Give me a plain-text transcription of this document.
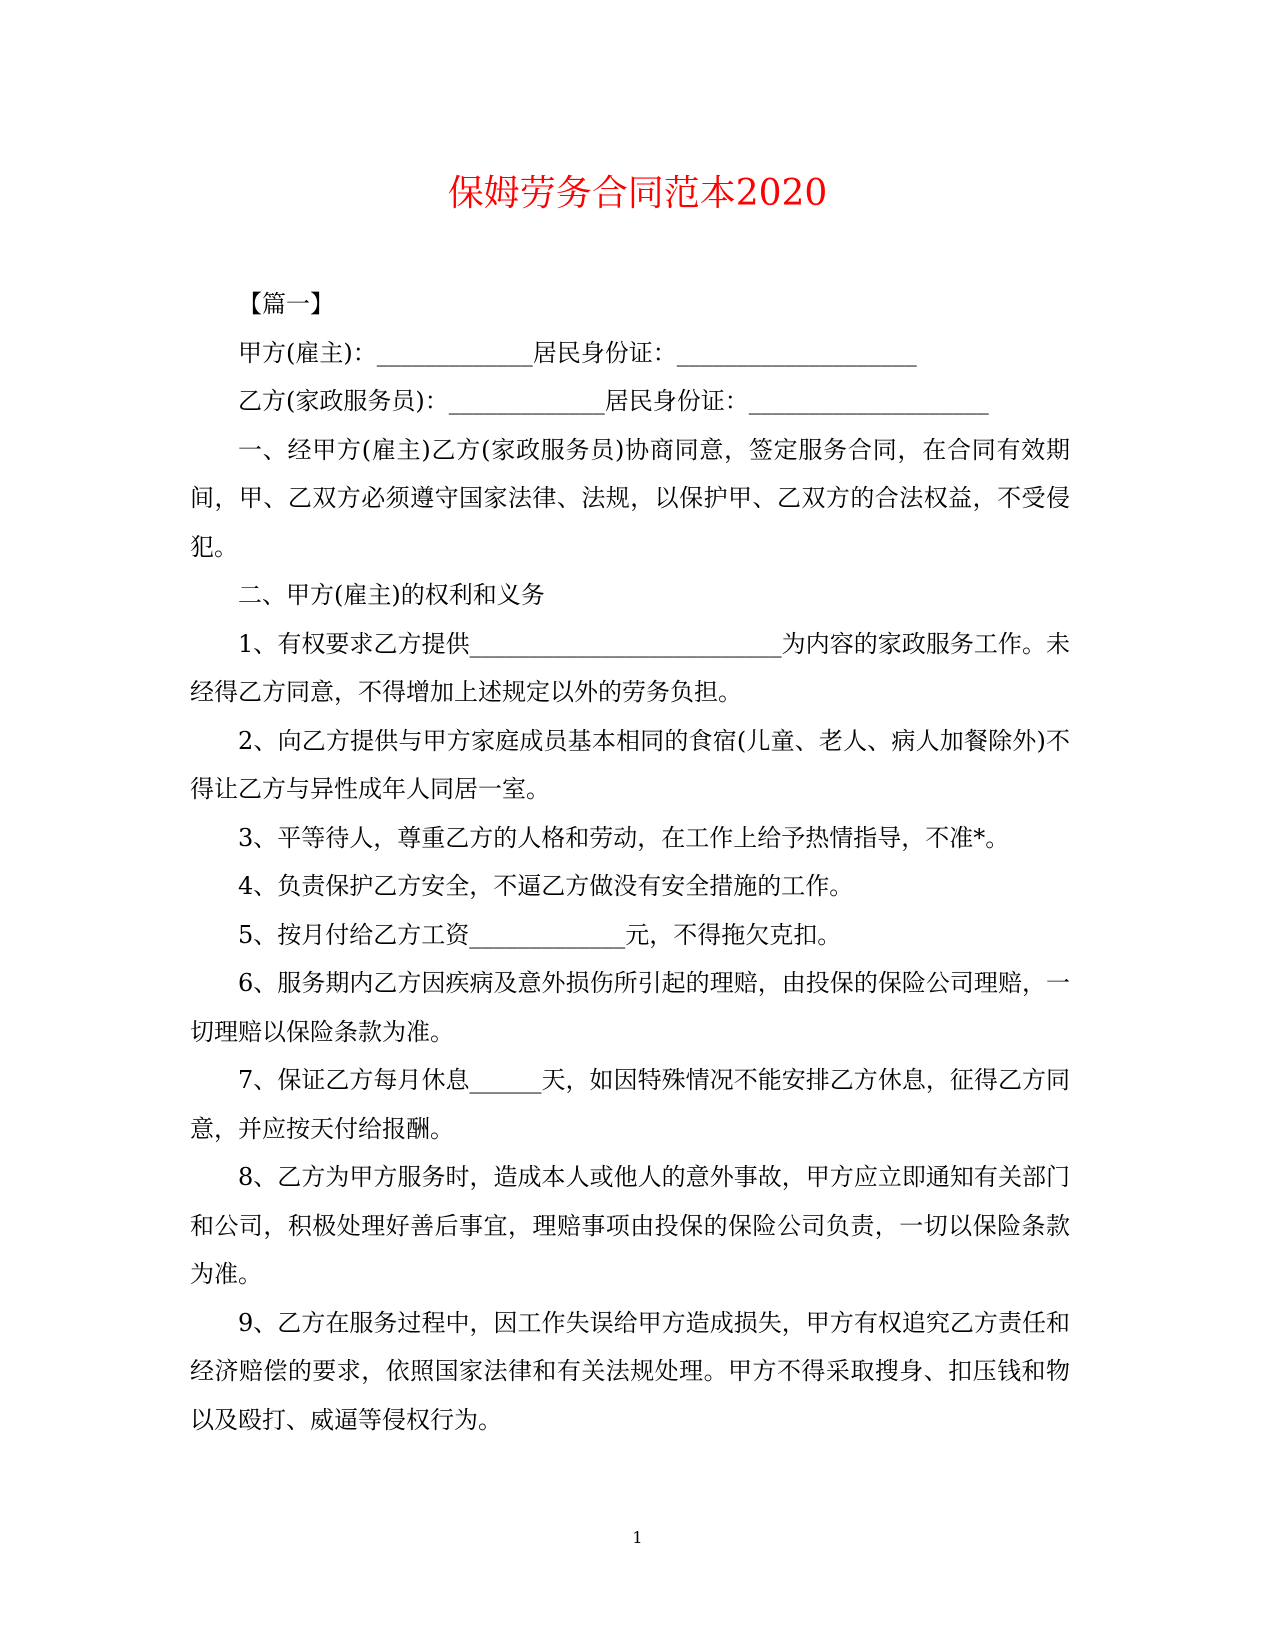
保姆劳务合同范本2020

【篇一】

甲方(雇主)：_____________居民身份证：____________________

乙方(家政服务员)：_____________居民身份证：____________________

一、经甲方(雇主)乙方(家政服务员)协商同意，签定服务合同，在合同有效期间，甲、乙双方必须遵守国家法律、法规，以保护甲、乙双方的合法权益，不受侵犯。

二、甲方(雇主)的权利和义务

1、有权要求乙方提供__________________________为内容的家政服务工作。未经得乙方同意，不得增加上述规定以外的劳务负担。

2、向乙方提供与甲方家庭成员基本相同的食宿(儿童、老人、病人加餐除外)不得让乙方与异性成年人同居一室。

3、平等待人，尊重乙方的人格和劳动，在工作上给予热情指导，不准*。

4、负责保护乙方安全，不逼乙方做没有安全措施的工作。

5、按月付给乙方工资_____________元，不得拖欠克扣。

6、服务期内乙方因疾病及意外损伤所引起的理赔，由投保的保险公司理赔，一切理赔以保险条款为准。

7、保证乙方每月休息______天，如因特殊情况不能安排乙方休息，征得乙方同意，并应按天付给报酬。

8、乙方为甲方服务时，造成本人或他人的意外事故，甲方应立即通知有关部门和公司，积极处理好善后事宜，理赔事项由投保的保险公司负责，一切以保险条款为准。

9、乙方在服务过程中，因工作失误给甲方造成损失，甲方有权追究乙方责任和经济赔偿的要求，依照国家法律和有关法规处理。甲方不得采取搜身、扣压钱和物以及殴打、威逼等侵权行为。

1
